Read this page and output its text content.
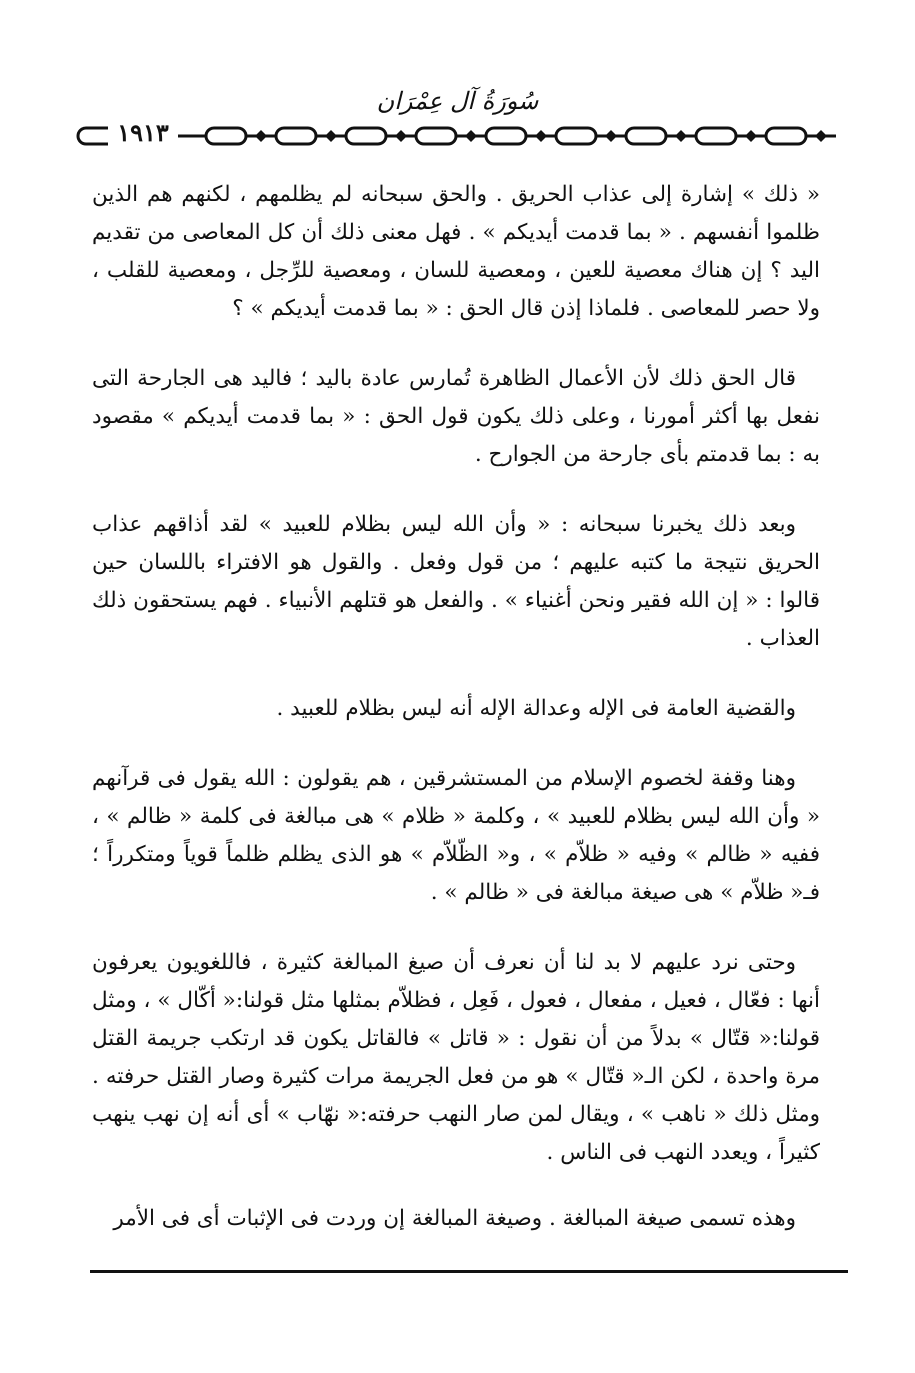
سُورَةُ آل عِمْرَان
١٩١٣

« ذلك » إشارة إلى عذاب الحريق . والحق سبحانه لم يظلمهم ، لكنهم هم الذين ظلموا أنفسهم . « بما قدمت أيديكم » . فهل معنى ذلك أن كل المعاصى من تقديم اليد ؟ إن هناك معصية للعين ، ومعصية للسان ، ومعصية للرِّجل ، ومعصية للقلب ، ولا حصر للمعاصى . فلماذا إذن قال الحق : « بما قدمت أيديكم » ؟

قال الحق ذلك لأن الأعمال الظاهرة تُمارس عادة باليد ؛ فاليد هى الجارحة التى نفعل بها أكثر أمورنا ، وعلى ذلك يكون قول الحق : « بما قدمت أيديكم » مقصود به : بما قدمتم بأى جارحة من الجوارح .

وبعد ذلك يخبرنا سبحانه : « وأن الله ليس بظلام للعبيد » لقد أذاقهم عذاب الحريق نتيجة ما كتبه عليهم ؛ من قول وفعل . والقول هو الافتراء باللسان حين قالوا : « إن الله فقير ونحن أغنياء » . والفعل هو قتلهم الأنبياء . فهم يستحقون ذلك العذاب .

والقضية العامة فى الإله وعدالة الإله أنه ليس بظلام للعبيد .

وهنا وقفة لخصوم الإسلام من المستشرقين ، هم يقولون : الله يقول فى قرآنهم « وأن الله ليس بظلام للعبيد » ، وكلمة « ظلام » هى مبالغة فى كلمة « ظالم » ، ففيه « ظالم » وفيه « ظلاّم » ، و« الظّلاّم » هو الذى يظلم ظلماً قوياً ومتكرراً ؛ فـ« ظلاّم » هى صيغة مبالغة فى « ظالم » .

وحتى نرد عليهم لا بد لنا أن نعرف أن صيغ المبالغة كثيرة ، فاللغويون يعرفون أنها : فعّال ، فعيل ، مفعال ، فعول ، فَعِل ، فظلاّم بمثلها مثل قولنا:« أكّال » ، ومثل قولنا:« قتّال » بدلاً من أن نقول : « قاتل » فالقاتل يكون قد ارتكب جريمة القتل مرة واحدة ، لكن الـ« قتّال » هو من فعل الجريمة مرات كثيرة وصار القتل حرفته . ومثل ذلك « ناهب » ، ويقال لمن صار النهب حرفته:« نهّاب » أى أنه إن نهب ينهب كثيراً ، ويعدد النهب فى الناس .

وهذه تسمى صيغة المبالغة . وصيغة المبالغة إن وردت فى الإثبات أى فى الأمر
